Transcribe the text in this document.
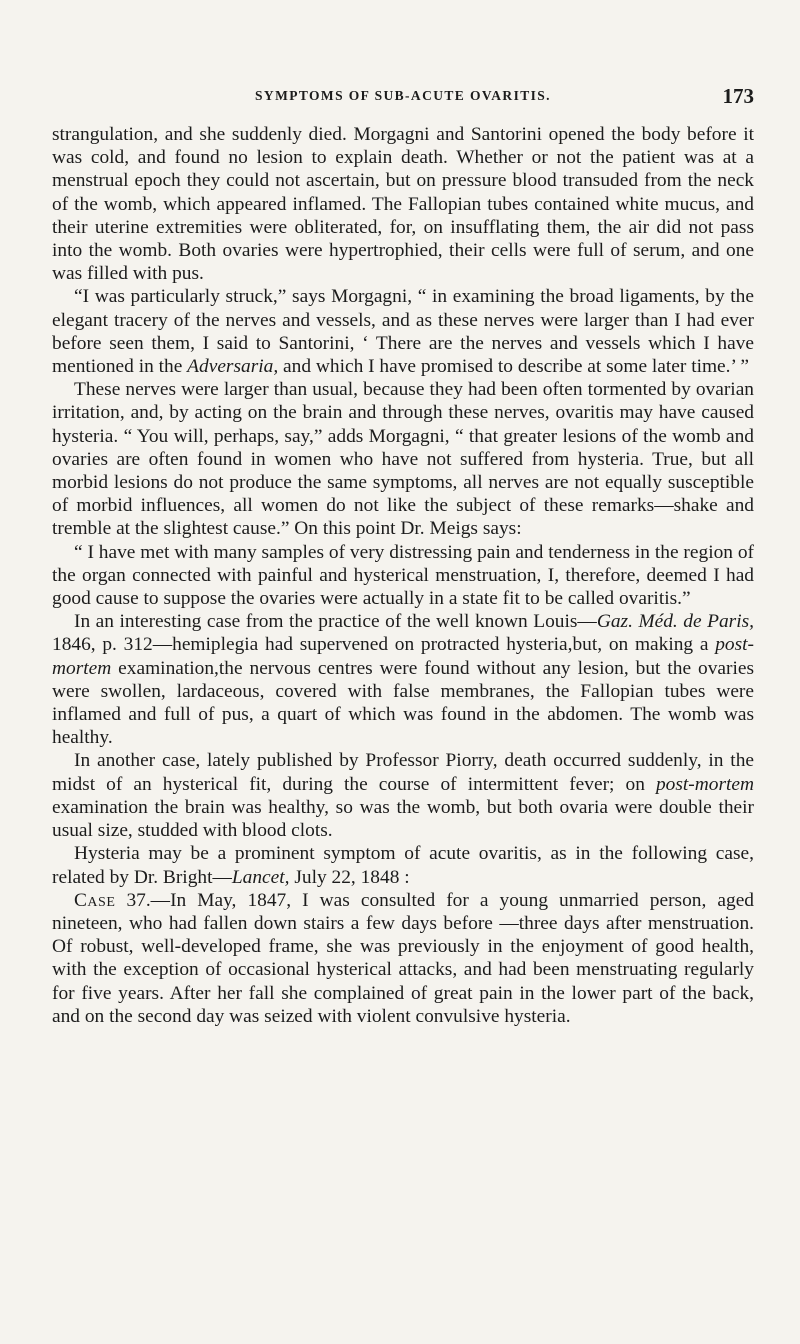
SYMPTOMS OF SUB-ACUTE OVARITIS.	173

strangulation, and she suddenly died. Morgagni and Santorini opened the body before it was cold, and found no lesion to explain death. Whether or not the patient was at a menstrual epoch they could not ascertain, but on pressure blood transuded from the neck of the womb, which appeared inflamed. The Fallopian tubes contained white mucus, and their uterine extremities were obliterated, for, on insufflating them, the air did not pass into the womb. Both ovaries were hypertrophied, their cells were full of serum, and one was filled with pus.

“I was particularly struck,” says Morgagni, “ in examining the broad ligaments, by the elegant tracery of the nerves and vessels, and as these nerves were larger than I had ever before seen them, I said to Santorini, ‘ There are the nerves and vessels which I have mentioned in the Adversaria, and which I have promised to describe at some later time.’ ”

These nerves were larger than usual, because they had been often tormented by ovarian irritation, and, by acting on the brain and through these nerves, ovaritis may have caused hysteria. “ You will, perhaps, say,” adds Morgagni, “ that greater lesions of the womb and ovaries are often found in women who have not suffered from hysteria. True, but all morbid lesions do not produce the same symptoms, all nerves are not equally susceptible of morbid influences, all women do not like the subject of these remarks—shake and tremble at the slightest cause.” On this point Dr. Meigs says:

“ I have met with many samples of very distressing pain and tenderness in the region of the organ connected with painful and hysterical menstruation, I, therefore, deemed I had good cause to suppose the ovaries were actually in a state fit to be called ovaritis.”

In an interesting case from the practice of the well known Louis—Gaz. Méd. de Paris, 1846, p. 312—hemiplegia had supervened on protracted hysteria,but, on making a post-mortem examination,the nervous centres were found without any lesion, but the ovaries were swollen, lardaceous, covered with false membranes, the Fallopian tubes were inflamed and full of pus, a quart of which was found in the abdomen. The womb was healthy.

In another case, lately published by Professor Piorry, death occurred suddenly, in the midst of an hysterical fit, during the course of intermittent fever; on post-mortem examination the brain was healthy, so was the womb, but both ovaria were double their usual size, studded with blood clots.

Hysteria may be a prominent symptom of acute ovaritis, as in the following case, related by Dr. Bright—Lancet, July 22, 1848 :

Case 37.—In May, 1847, I was consulted for a young unmarried person, aged nineteen, who had fallen down stairs a few days before —three days after menstruation. Of robust, well-developed frame, she was previously in the enjoyment of good health, with the exception of occasional hysterical attacks, and had been menstruating regularly for five years. After her fall she complained of great pain in the lower part of the back, and on the second day was seized with violent convulsive hysteria.
